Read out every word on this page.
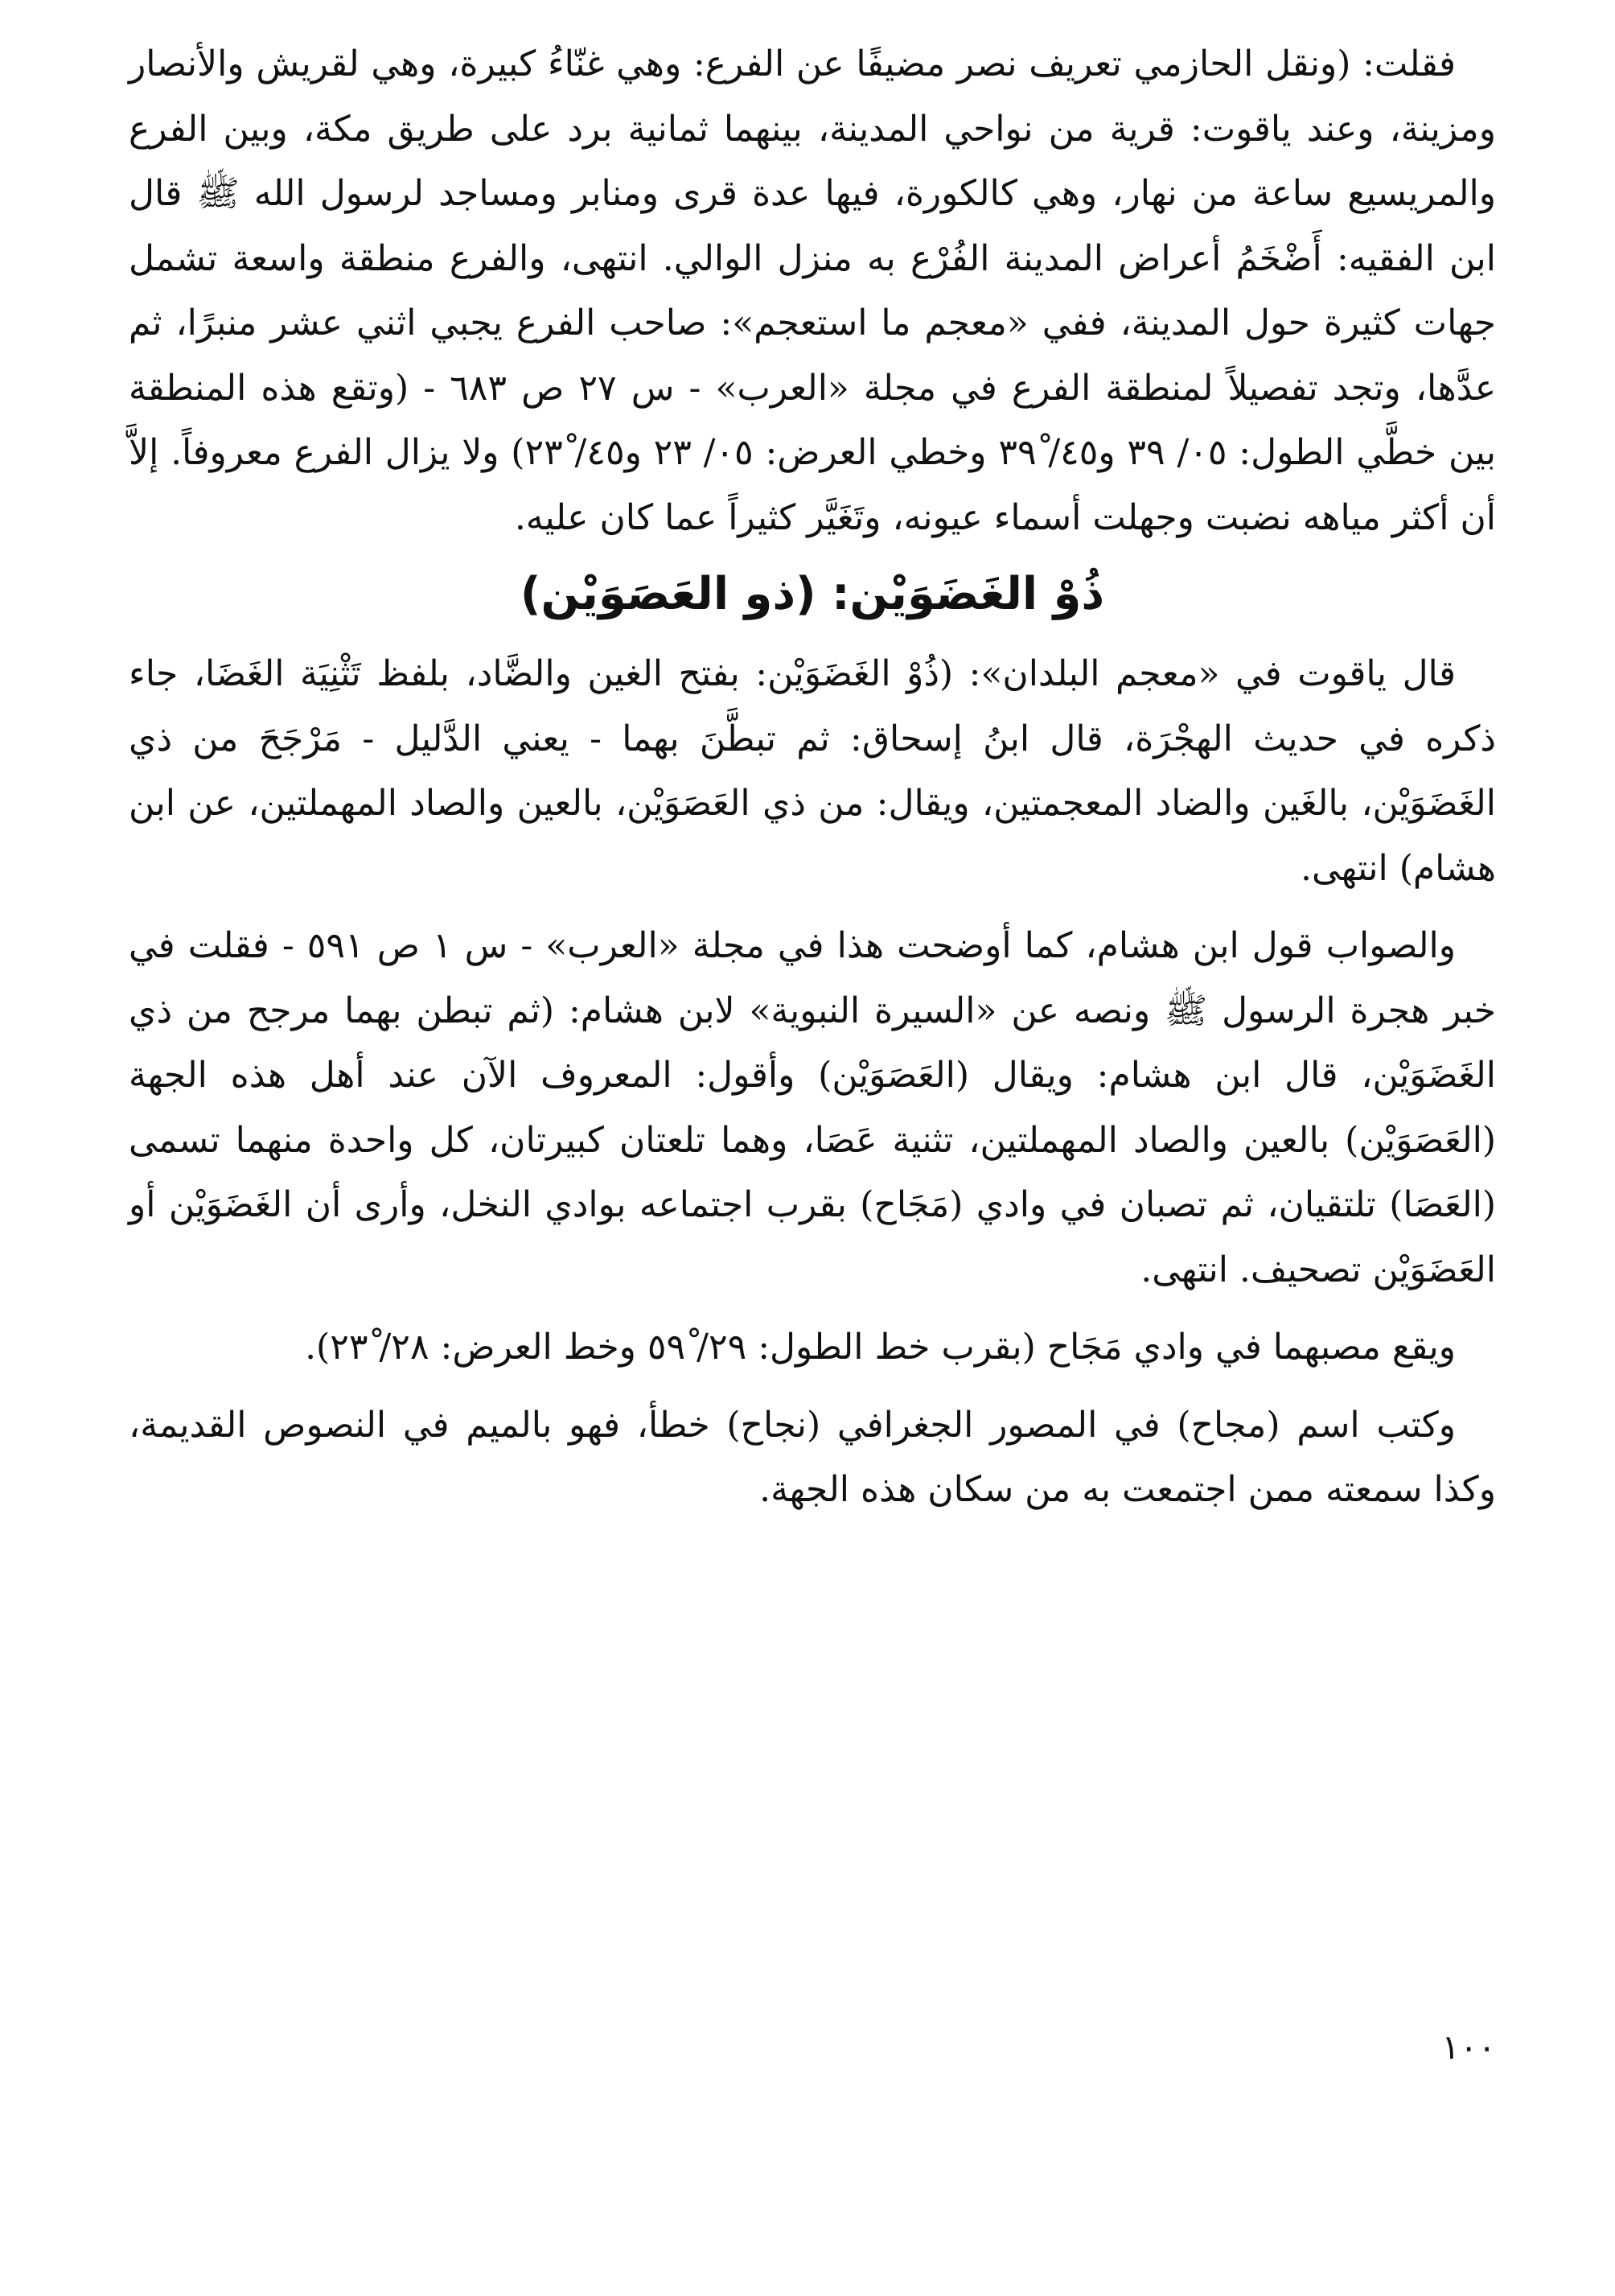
فقلت: (ونقل الحازمي تعريف نصر مضيفًا عن الفرع: وهي غنّاءُ كبيرة، وهي لقريش والأنصار ومزينة، وعند ياقوت: قرية من نواحي المدينة، بينهما ثمانية برد على طريق مكة، وبين الفرع والمريسيع ساعة من نهار، وهي كالكورة، فيها عدة قرى ومنابر ومساجد لرسول الله ﷺ قال ابن الفقيه: أَضْخَمُ أعراض المدينة الفُرْع به منزل الوالي. انتهى، والفرع منطقة واسعة تشمل جهات كثيرة حول المدينة، ففي «معجم ما استعجم»: صاحب الفرع يجبي اثني عشر منبرًا، ثم عدَّها، وتجد تفصيلاً لمنطقة الفرع في مجلة «العرب» - س ٢٧ ص ٦٨٣ - (وتقع هذه المنطقة بين خطَّي الطول: ٠٥/ ٣٩ و٤٥/ ٣٩ْ وخطي العرض: ٠٥/ ٢٣ و٤٥/ ٢٣ْ) ولا يزال الفرع معروفاً. إلاَّ أن أكثر مياهه نضبت وجهلت أسماء عيونه، وتَغَيَّر كثيراً عما كان عليه.

ذُوْ الغَضَوَيْن: (ذو العَصَوَيْن)

قال ياقوت في «معجم البلدان»: (ذُوْ الغَضَوَيْن: بفتح الغين والضَّاد، بلفظ تَثْنِيَة الغَضَا، جاء ذكره في حديث الهجْرَة، قال ابنُ إسحاق: ثم تبطَّنَ بهما - يعني الدَّليل - مَرْجَحَ من ذي الغَضَوَيْن، بالغَين والضاد المعجمتين، ويقال: من ذي العَصَوَيْن، بالعين والصاد المهملتين، عن ابن هشام) انتهى.

والصواب قول ابن هشام، كما أوضحت هذا في مجلة «العرب» - س ١ ص ٥٩١ - فقلت في خبر هجرة الرسول ﷺ ونصه عن «السيرة النبوية» لابن هشام: (ثم تبطن بهما مرجح من ذي الغَضَوَيْن، قال ابن هشام: ويقال (العَصَوَيْن) وأقول: المعروف الآن عند أهل هذه الجهة (العَصَوَيْن) بالعين والصاد المهملتين، تثنية عَصَا، وهما تلعتان كبيرتان، كل واحدة منهما تسمى (العَصَا) تلتقيان، ثم تصبان في وادي (مَجَاح) بقرب اجتماعه بوادي النخل، وأرى أن الغَضَوَيْن أو العَضَوَيْن تصحيف. انتهى.

ويقع مصبهما في وادي مَجَاح (بقرب خط الطول: ٢٩/ ٥٩ْ وخط العرض: ٢٨/ ٢٣ْ).

وكتب اسم (مجاح) في المصور الجغرافي (نجاح) خطأ، فهو بالميم في النصوص القديمة، وكذا سمعته ممن اجتمعت به من سكان هذه الجهة.

١٠٠
